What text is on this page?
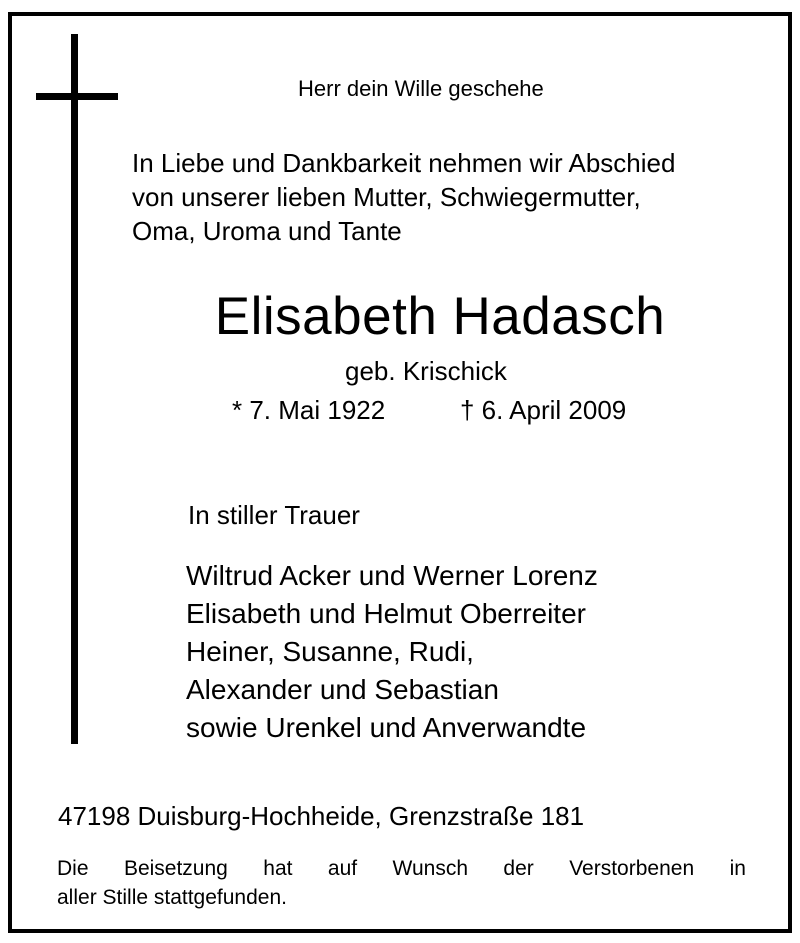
Herr dein Wille geschehe
In Liebe und Dankbarkeit nehmen wir Abschied
von unserer lieben Mutter, Schwiegermutter,
Oma, Uroma und Tante
Elisabeth Hadasch
geb. Krischick
* 7. Mai 1922	† 6. April 2009
In stiller Trauer
Wiltrud Acker und Werner Lorenz
Elisabeth und Helmut Oberreiter
Heiner, Susanne, Rudi,
Alexander und Sebastian
sowie Urenkel und Anverwandte
47198 Duisburg-Hochheide, Grenzstraße 181
Die Beisetzung hat auf Wunsch der Verstorbenen in
aller Stille stattgefunden.
